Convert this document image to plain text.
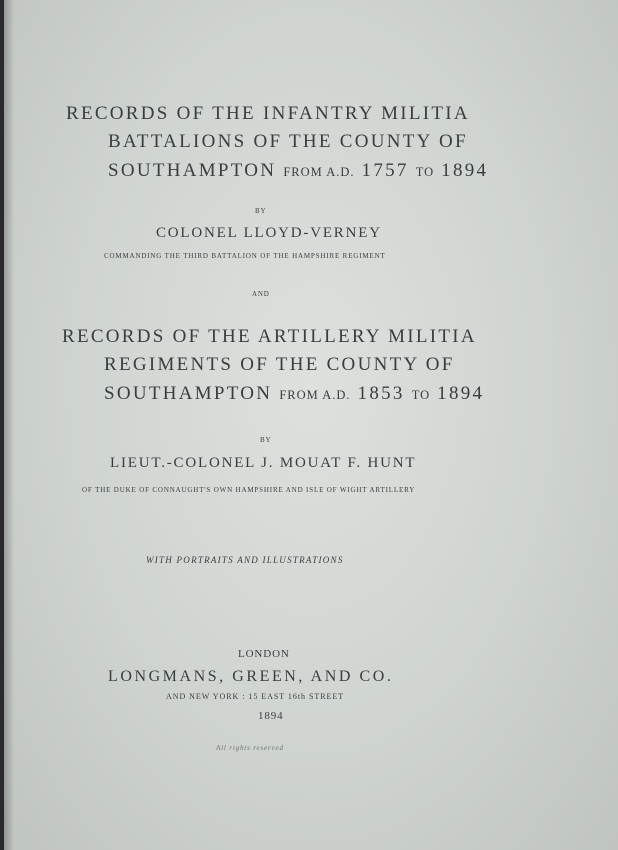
RECORDS OF THE INFANTRY MILITIA
BATTALIONS OF THE COUNTY OF
SOUTHAMPTON FROM A.D. 1757 TO 1894
BY
COLONEL LLOYD-VERNEY
COMMANDING THE THIRD BATTALION OF THE HAMPSHIRE REGIMENT
AND
RECORDS OF THE ARTILLERY MILITIA
REGIMENTS OF THE COUNTY OF
SOUTHAMPTON FROM A.D. 1853 TO 1894
BY
LIEUT.-COLONEL J. MOUAT F. HUNT
OF THE DUKE OF CONNAUGHT'S OWN HAMPSHIRE AND ISLE OF WIGHT ARTILLERY
WITH PORTRAITS AND ILLUSTRATIONS
LONDON
LONGMANS, GREEN, AND CO.
AND NEW YORK : 15 EAST 16th STREET
1894
All rights reserved
